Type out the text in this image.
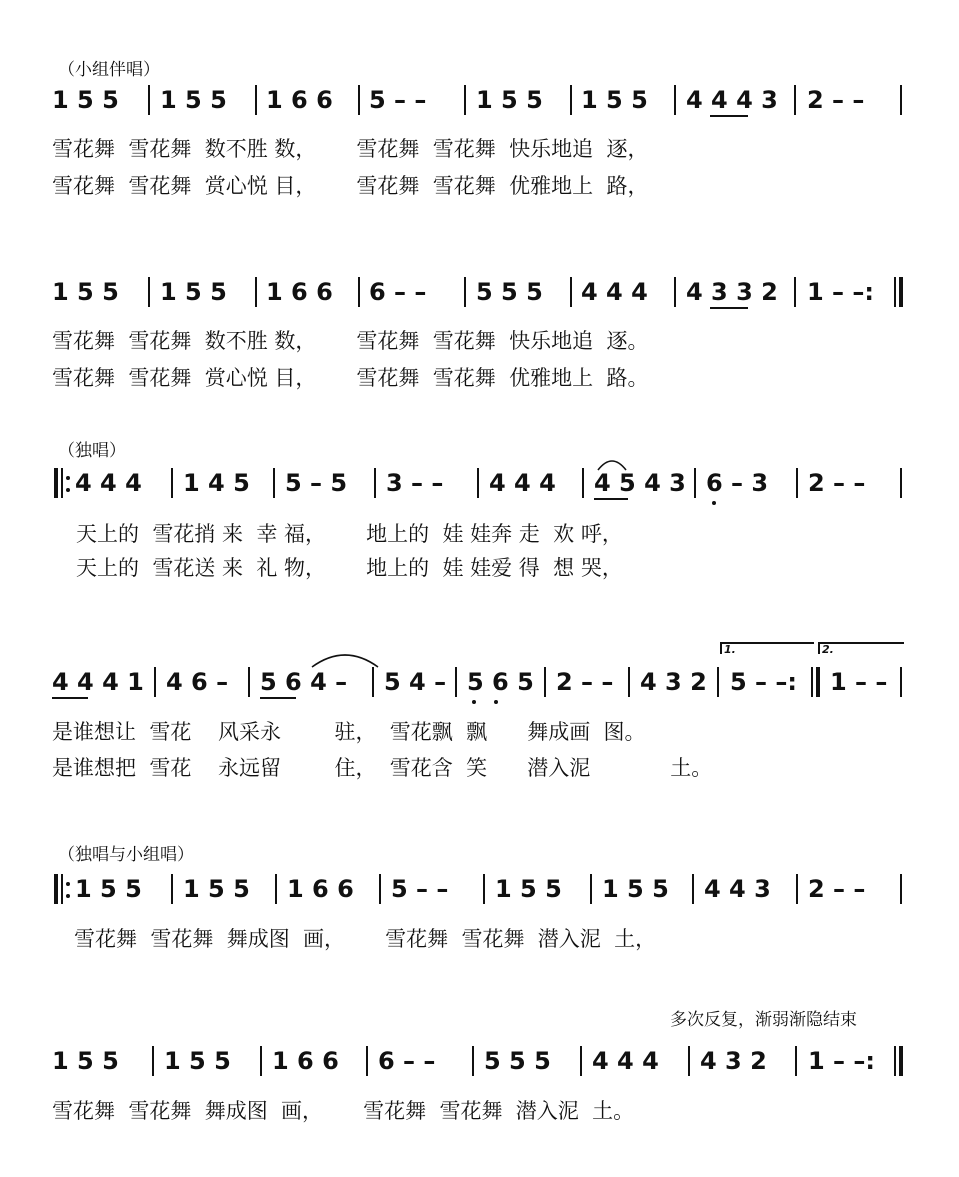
（小组伴唱）
1 5 5 1 5 5 1 6 6 5 – – 1 5 5 1 5 5 4 4 4 3 2 – –
雪花舞  雪花舞  数不胜 数，      雪花舞  雪花舞  快乐地追  逐，
雪花舞  雪花舞  赏心悦 目，      雪花舞  雪花舞  优雅地上  路，
1 5 5 1 5 5 1 6 6 6 – – 5 5 5 4 4 4 4 3 3 2 1 – –:
雪花舞  雪花舞  数不胜 数，      雪花舞  雪花舞  快乐地追  逐。
雪花舞  雪花舞  赏心悦 目，      雪花舞  雪花舞  优雅地上  路。
（独唱）
4 4 4 1 4 5 5 – 5 3 – – 4 4 4 4 5 4 3 6 – 3 2 – –
天上的  雪花捎 来  幸 福，      地上的  娃 娃奔 走  欢 呼，
天上的  雪花送 来  礼 物，      地上的  娃 娃爱 得  想 哭，
4 4 4 1 4 6 – 5 6 4 – 5 4 – 5 6 5 2 – – 4 3 2 5 – –: 1 – –
1.	2.
是谁想让  雪花    风采永        驻，  雪花飘  飘      舞成画  图。
是谁想把  雪花    永远留        住，  雪花含  笑      潜入泥            土。
（独唱与小组唱）
1 5 5 1 5 5 1 6 6 5 – – 1 5 5 1 5 5 4 4 3 2 – –
雪花舞  雪花舞  舞成图  画，      雪花舞  雪花舞  潜入泥  土，
多次反复，渐弱渐隐结束
1 5 5 1 5 5 1 6 6 6 – – 5 5 5 4 4 4 4 3 2 1 – –:
雪花舞  雪花舞  舞成图  画，      雪花舞  雪花舞  潜入泥  土。
